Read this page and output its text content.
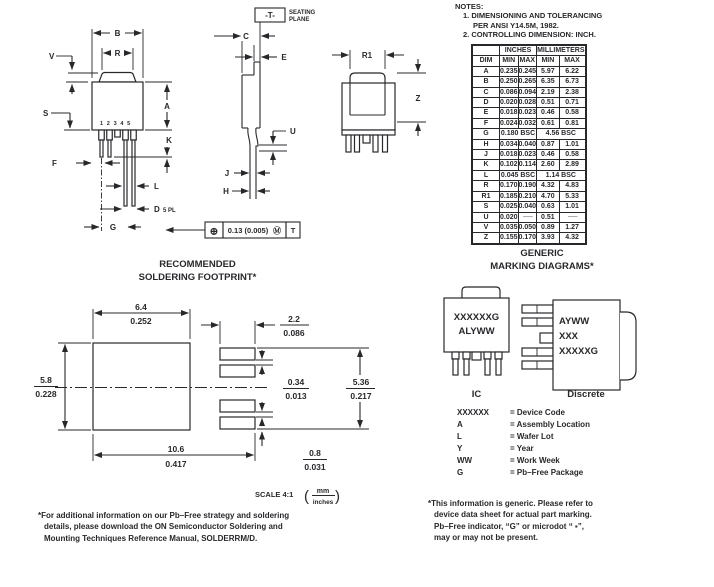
1 2 3 4 5
B
R
V
S
A
K
F
L
D 5 PL
G	⊕ 0.13 (0.005) Ⓜ T
-T- SEATING
PLANE
C
E
U
J
H
R1
Z
NOTES:
1. DIMENSIONING AND TOLERANCING
PER ANSI Y14.5M, 1982.
2. CONTROLLING DIMENSION: INCH.
	INCHES		MILLIMETERS	
DIM	MIN	MAX	MIN	MAX
A	0.235	0.245	5.97	6.22
B	0.250	0.265	6.35	6.73
C	0.086	0.094	2.19	2.38
D	0.020	0.028	0.51	0.71
E	0.018	0.023	0.46	0.58
F	0.024	0.032	0.61	0.81
G	0.180 BSC		4.56 BSC	
H	0.034	0.040	0.87	1.01
J	0.018	0.023	0.46	0.58
K	0.102	0.114	2.60	2.89
L	0.045 BSC		1.14 BSC	
R	0.170	0.190	4.32	4.83
R1	0.185	0.210	4.70	5.33
S	0.025	0.040	0.63	1.01
U	0.020	−−−	0.51	−−−
V	0.035	0.050	0.89	1.27
Z	0.155	0.170	3.93	4.32
RECOMMENDED
SOLDERING FOOTPRINT*
6.4
0.252
5.8
0.228
2.2
0.086
0.34
0.013
5.36
0.217
0.8
0.031
10.6
0.417
SCALE 4:1 ( mm
inches )
GENERIC
MARKING DIAGRAMS*
XXXXXXG
ALYWW
IC
AYWW
XXX
XXXXXG
Discrete
XXXXXX	= Device Code
A	= Assembly Location
L	= Wafer Lot
Y	= Year
WW	= Work Week
G	= Pb–Free Package
*For additional information on our Pb–Free strategy and soldering
details, please download the ON Semiconductor Soldering and
Mounting Techniques Reference Manual, SOLDERRM/D.
*This information is generic. Please refer to
device data sheet for actual part marking.
Pb–Free indicator, “G” or microdot “ ▪”,
may or may not be present.
